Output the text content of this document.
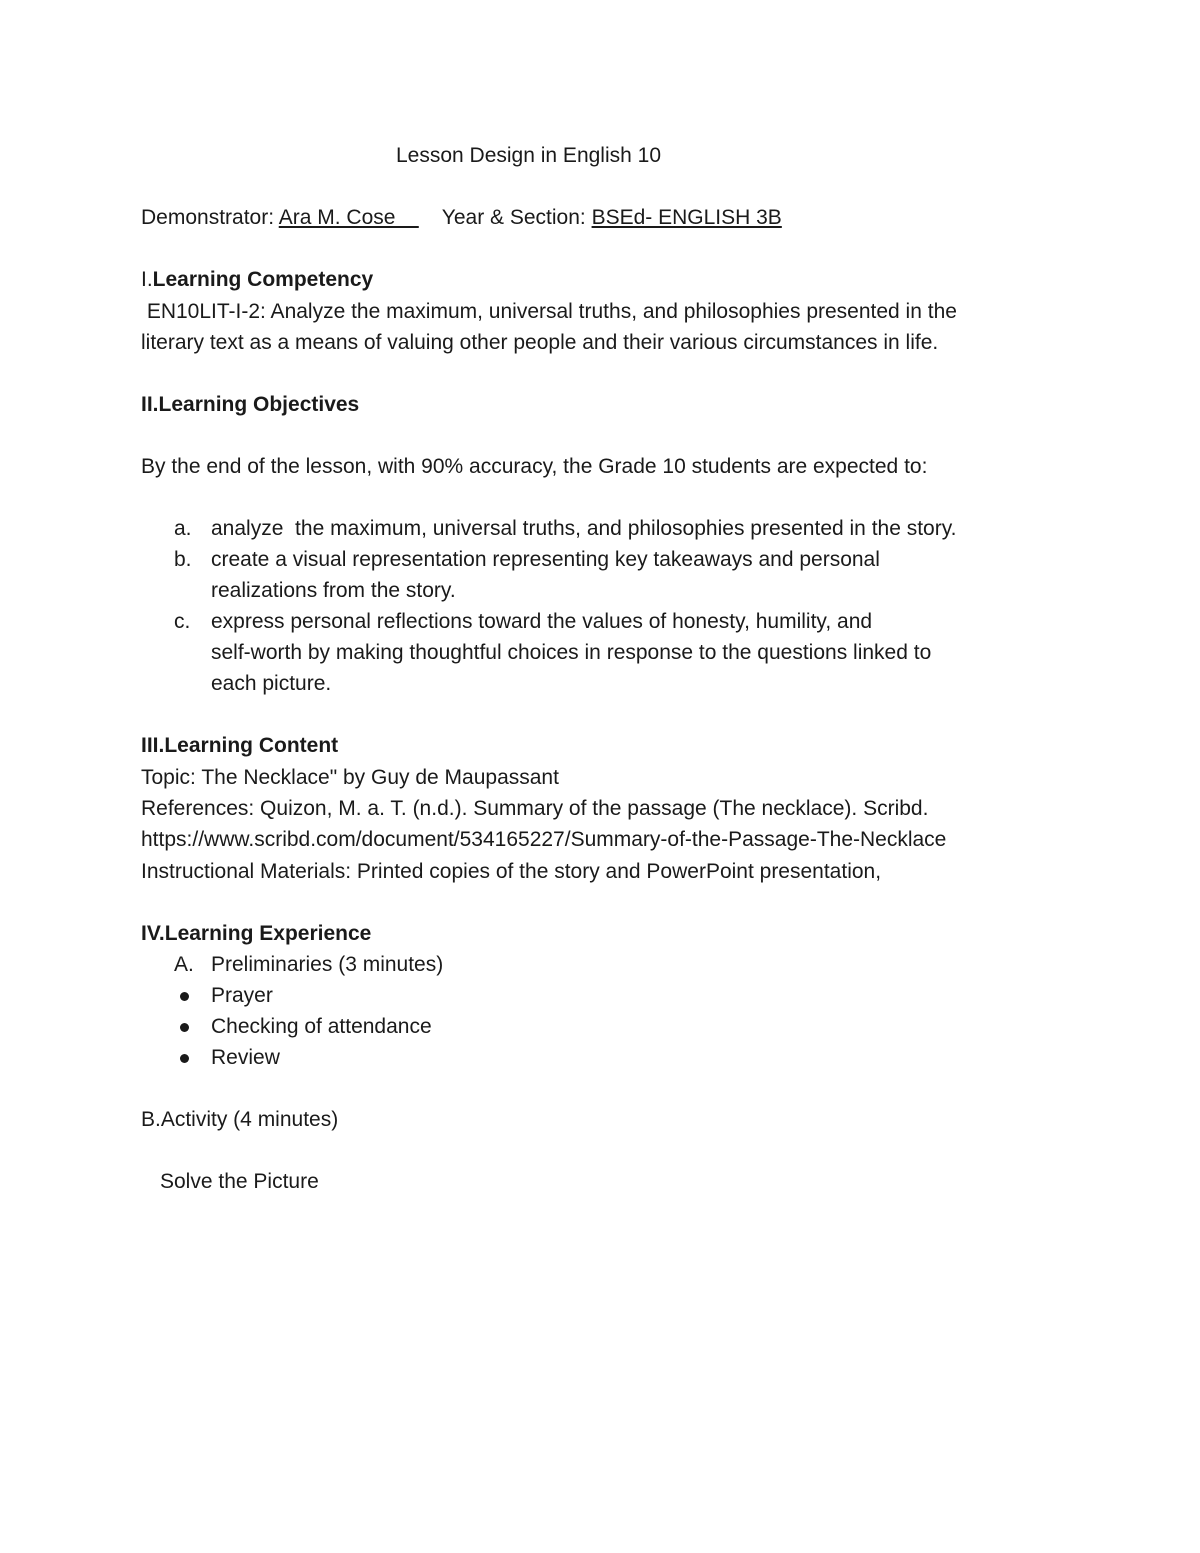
Lesson Design in English 10
Demonstrator: Ara M. Cose        Year & Section: BSEd- ENGLISH 3B
I.Learning Competency
EN10LIT-I-2: Analyze the maximum, universal truths, and philosophies presented in the
literary text as a means of valuing other people and their various circumstances in life.
II.Learning Objectives
By the end of the lesson, with 90% accuracy, the Grade 10 students are expected to:
a. analyze  the maximum, universal truths, and philosophies presented in the story.
b. create a visual representation representing key takeaways and personal
realizations from the story.
c. express personal reflections toward the values of honesty, humility, and
self-worth by making thoughtful choices in response to the questions linked to
each picture.
III.Learning Content
Topic: The Necklace" by Guy de Maupassant
References: Quizon, M. a. T. (n.d.). Summary of the passage (The necklace). Scribd.
https://www.scribd.com/document/534165227/Summary-of-the-Passage-The-Necklace
Instructional Materials: Printed copies of the story and PowerPoint presentation,
IV.Learning Experience
A. Preliminaries (3 minutes)
Prayer
Checking of attendance
Review
B.Activity (4 minutes)
Solve the Picture
